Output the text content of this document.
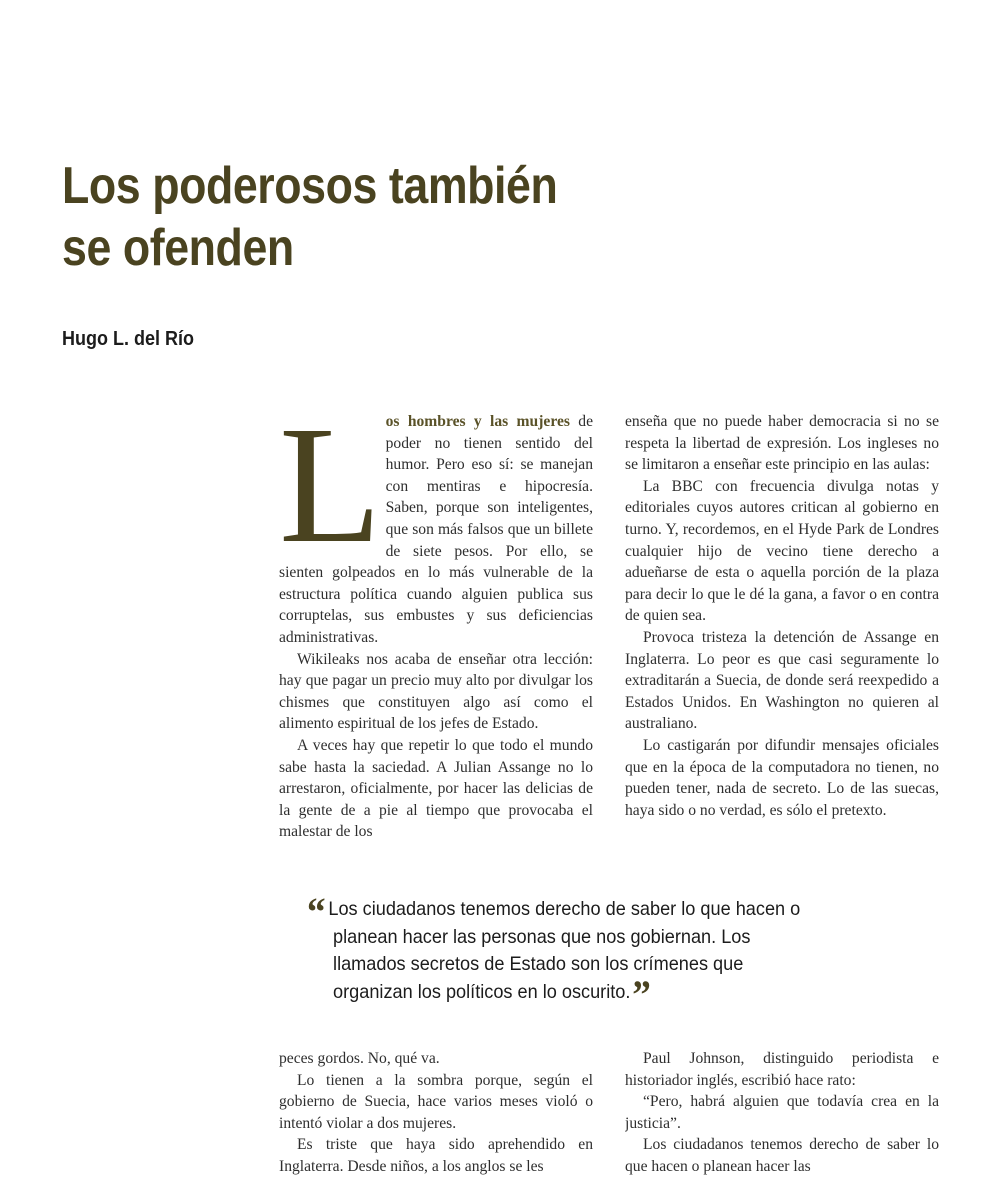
Los poderosos también
se ofenden
Hugo L. del Río

Los hombres y las mujeres de poder no tienen sentido del humor. Pero eso sí: se manejan con mentiras e hipocresía. Saben, porque son inteligentes, que son más falsos que un billete de siete pesos. Por ello, se sienten golpeados en lo más vulnerable de la estructura política cuando alguien publica sus corruptelas, sus embustes y sus deficiencias administrativas.

Wikileaks nos acaba de enseñar otra lección: hay que pagar un precio muy alto por divulgar los chismes que constituyen algo así como el alimento espiritual de los jefes de Estado.

A veces hay que repetir lo que todo el mundo sabe hasta la saciedad. A Julian Assange no lo arrestaron, oficialmente, por hacer las delicias de la gente de a pie al tiempo que provocaba el malestar de los

enseña que no puede haber democracia si no se respeta la libertad de expresión. Los ingleses no se limitaron a enseñar este principio en las aulas:

La BBC con frecuencia divulga notas y editoriales cuyos autores critican al gobierno en turno. Y, recordemos, en el Hyde Park de Londres cualquier hijo de vecino tiene derecho a adueñarse de esta o aquella porción de la plaza para decir lo que le dé la gana, a favor o en contra de quien sea.

Provoca tristeza la detención de Assange en Inglaterra. Lo peor es que casi seguramente lo extraditarán a Suecia, de donde será reexpedido a Estados Unidos. En Washington no quieren al australiano.

Lo castigarán por difundir mensajes oficiales que en la época de la computadora no tienen, no pueden tener, nada de secreto. Lo de las suecas, haya sido o no verdad, es sólo el pretexto.

“ Los ciudadanos tenemos derecho de saber lo que hacen o planean hacer las personas que nos gobiernan. Los llamados secretos de Estado son los crímenes que organizan los políticos en lo oscurito.”

peces gordos. No, qué va.

Lo tienen a la sombra porque, según el gobierno de Suecia, hace varios meses violó o intentó violar a dos mujeres.

Es triste que haya sido aprehendido en Inglaterra. Desde niños, a los anglos se les

Paul Johnson, distinguido periodista e historiador inglés, escribió hace rato:

“Pero, habrá alguien que todavía crea en la justicia”.

Los ciudadanos tenemos derecho de saber lo que hacen o planean hacer las
